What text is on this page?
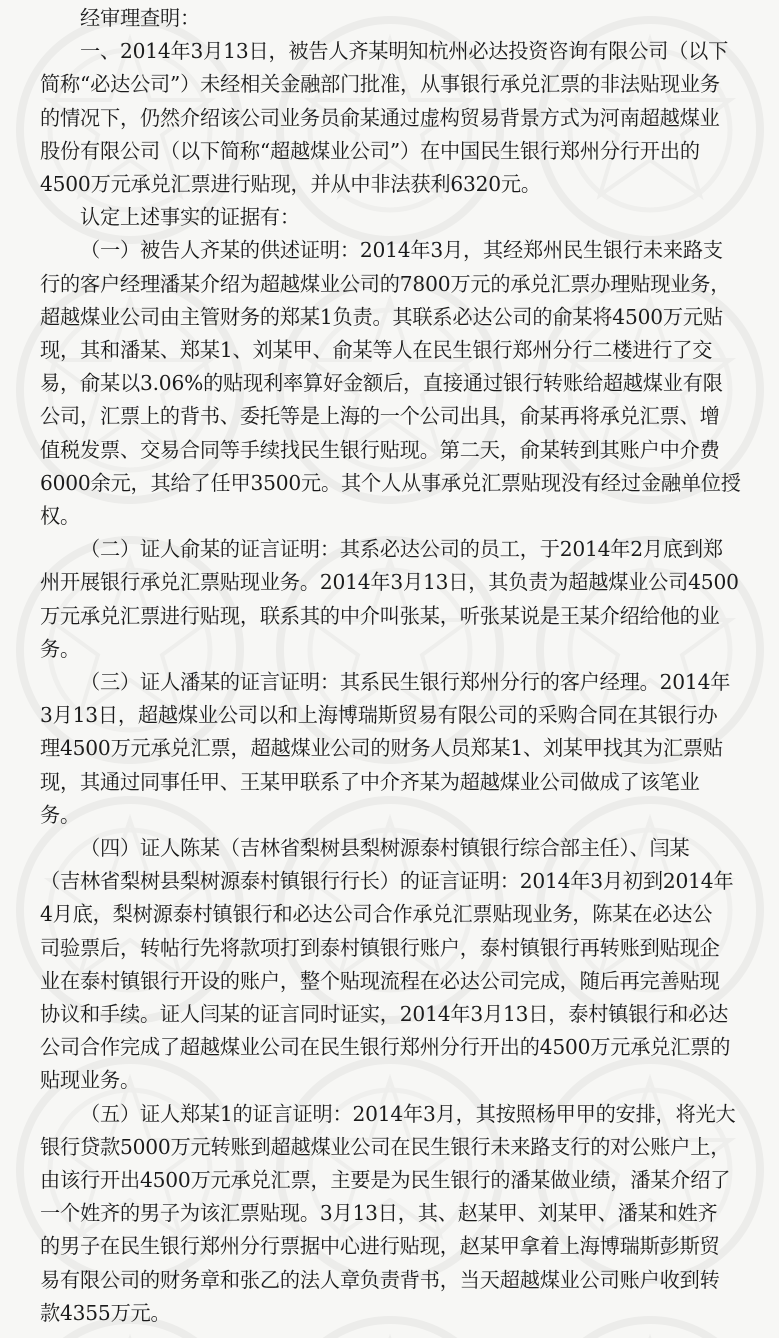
经审理查明：
一、2014年3月13日，被告人齐某明知杭州必达投资咨询有限公司（以下
简称“必达公司”）未经相关金融部门批准，从事银行承兑汇票的非法贴现业务
的情况下，仍然介绍该公司业务员俞某通过虚构贸易背景方式为河南超越煤业
股份有限公司（以下简称“超越煤业公司”）在中国民生银行郑州分行开出的
4500万元承兑汇票进行贴现，并从中非法获利6320元。
认定上述事实的证据有：
（一）被告人齐某的供述证明：2014年3月，其经郑州民生银行未来路支
行的客户经理潘某介绍为超越煤业公司的7800万元的承兑汇票办理贴现业务，
超越煤业公司由主管财务的郑某1负责。其联系必达公司的俞某将4500万元贴
现，其和潘某、郑某1、刘某甲、俞某等人在民生银行郑州分行二楼进行了交
易，俞某以3.06%的贴现利率算好金额后，直接通过银行转账给超越煤业有限
公司，汇票上的背书、委托等是上海的一个公司出具，俞某再将承兑汇票、增
值税发票、交易合同等手续找民生银行贴现。第二天，俞某转到其账户中介费
6000余元，其给了任甲3500元。其个人从事承兑汇票贴现没有经过金融单位授
权。
（二）证人俞某的证言证明：其系必达公司的员工，于2014年2月底到郑
州开展银行承兑汇票贴现业务。2014年3月13日，其负责为超越煤业公司4500
万元承兑汇票进行贴现，联系其的中介叫张某，听张某说是王某介绍给他的业
务。
（三）证人潘某的证言证明：其系民生银行郑州分行的客户经理。2014年
3月13日，超越煤业公司以和上海博瑞斯贸易有限公司的采购合同在其银行办
理4500万元承兑汇票，超越煤业公司的财务人员郑某1、刘某甲找其为汇票贴
现，其通过同事任甲、王某甲联系了中介齐某为超越煤业公司做成了该笔业
务。
（四）证人陈某（吉林省梨树县梨树源泰村镇银行综合部主任）、闫某
（吉林省梨树县梨树源泰村镇银行行长）的证言证明：2014年3月初到2014年
4月底，梨树源泰村镇银行和必达公司合作承兑汇票贴现业务，陈某在必达公
司验票后，转帖行先将款项打到泰村镇银行账户，泰村镇银行再转账到贴现企
业在泰村镇银行开设的账户，整个贴现流程在必达公司完成，随后再完善贴现
协议和手续。证人闫某的证言同时证实，2014年3月13日，泰村镇银行和必达
公司合作完成了超越煤业公司在民生银行郑州分行开出的4500万元承兑汇票的
贴现业务。
（五）证人郑某1的证言证明：2014年3月，其按照杨甲甲的安排，将光大
银行贷款5000万元转账到超越煤业公司在民生银行未来路支行的对公账户上，
由该行开出4500万元承兑汇票，主要是为民生银行的潘某做业绩，潘某介绍了
一个姓齐的男子为该汇票贴现。3月13日，其、赵某甲、刘某甲、潘某和姓齐
的男子在民生银行郑州分行票据中心进行贴现，赵某甲拿着上海博瑞斯彭斯贸
易有限公司的财务章和张乙的法人章负责背书，当天超越煤业公司账户收到转
款4355万元。
